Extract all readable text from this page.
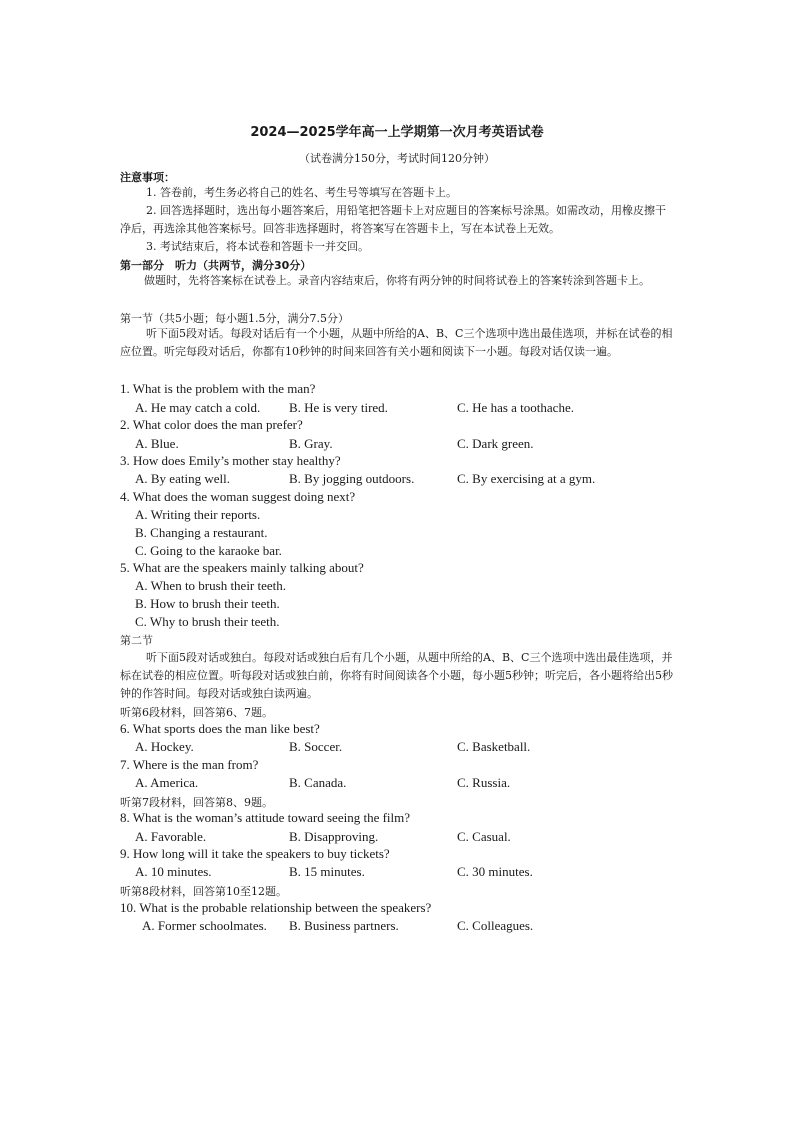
2024—2025学年高一上学期第一次月考英语试卷
（试卷满分150分，考试时间120分钟）
注意事项：
1. 答卷前，考生务必将自己的姓名、考生号等填写在答题卡上。
2. 回答选择题时，选出每小题答案后，用铅笔把答题卡上对应题目的答案标号涂黑。如需改动，用橡皮擦干净后，再选涂其他答案标号。回答非选择题时，将答案写在答题卡上，写在本试卷上无效。
3. 考试结束后，将本试卷和答题卡一并交回。
第一部分　听力（共两节，满分30分）
做题时，先将答案标在试卷上。录音内容结束后，你将有两分钟的时间将试卷上的答案转涂到答题卡上。
第一节（共5小题；每小题1.5分，满分7.5分）
听下面5段对话。每段对话后有一个小题，从题中所给的A、B、C三个选项中选出最佳选项，并标在试卷的相应位置。听完每段对话后，你都有10秒钟的时间来回答有关小题和阅读下一小题。每段对话仅读一遍。
1. What is the problem with the man?
A. He may catch a cold. B. He is very tired.	C. He has a toothache.
2. What color does the man prefer?
A. Blue.	B. Gray.	C. Dark green.
3. How does Emily’s mother stay healthy?
A. By eating well.	B. By jogging outdoors.	C. By exercising at a gym.
4. What does the woman suggest doing next?
A. Writing their reports.
B. Changing a restaurant.
C. Going to the karaoke bar.
5. What are the speakers mainly talking about?
A. When to brush their teeth.
B. How to brush their teeth.
C. Why to brush their teeth.
第二节
听下面5段对话或独白。每段对话或独白后有几个小题，从题中所给的A、B、C三个选项中选出最佳选项，并标在试卷的相应位置。听每段对话或独白前，你将有时间阅读各个小题，每小题5秒钟；听完后，各小题将给出5秒钟的作答时间。每段对话或独白读两遍。
听第6段材料，回答第6、7题。
6. What sports does the man like best?
A. Hockey.	B. Soccer.	C. Basketball.
7. Where is the man from?
A. America.	B. Canada.	C. Russia.
听第7段材料，回答第8、9题。
8. What is the woman’s attitude toward seeing the film?
A. Favorable.	B. Disapproving.	C. Casual.
9. How long will it take the speakers to buy tickets?
A. 10 minutes.	B. 15 minutes.	C. 30 minutes.
听第8段材料，回答第10至12题。
10. What is the probable relationship between the speakers?
A. Former schoolmates. B. Business partners.	C. Colleagues.
